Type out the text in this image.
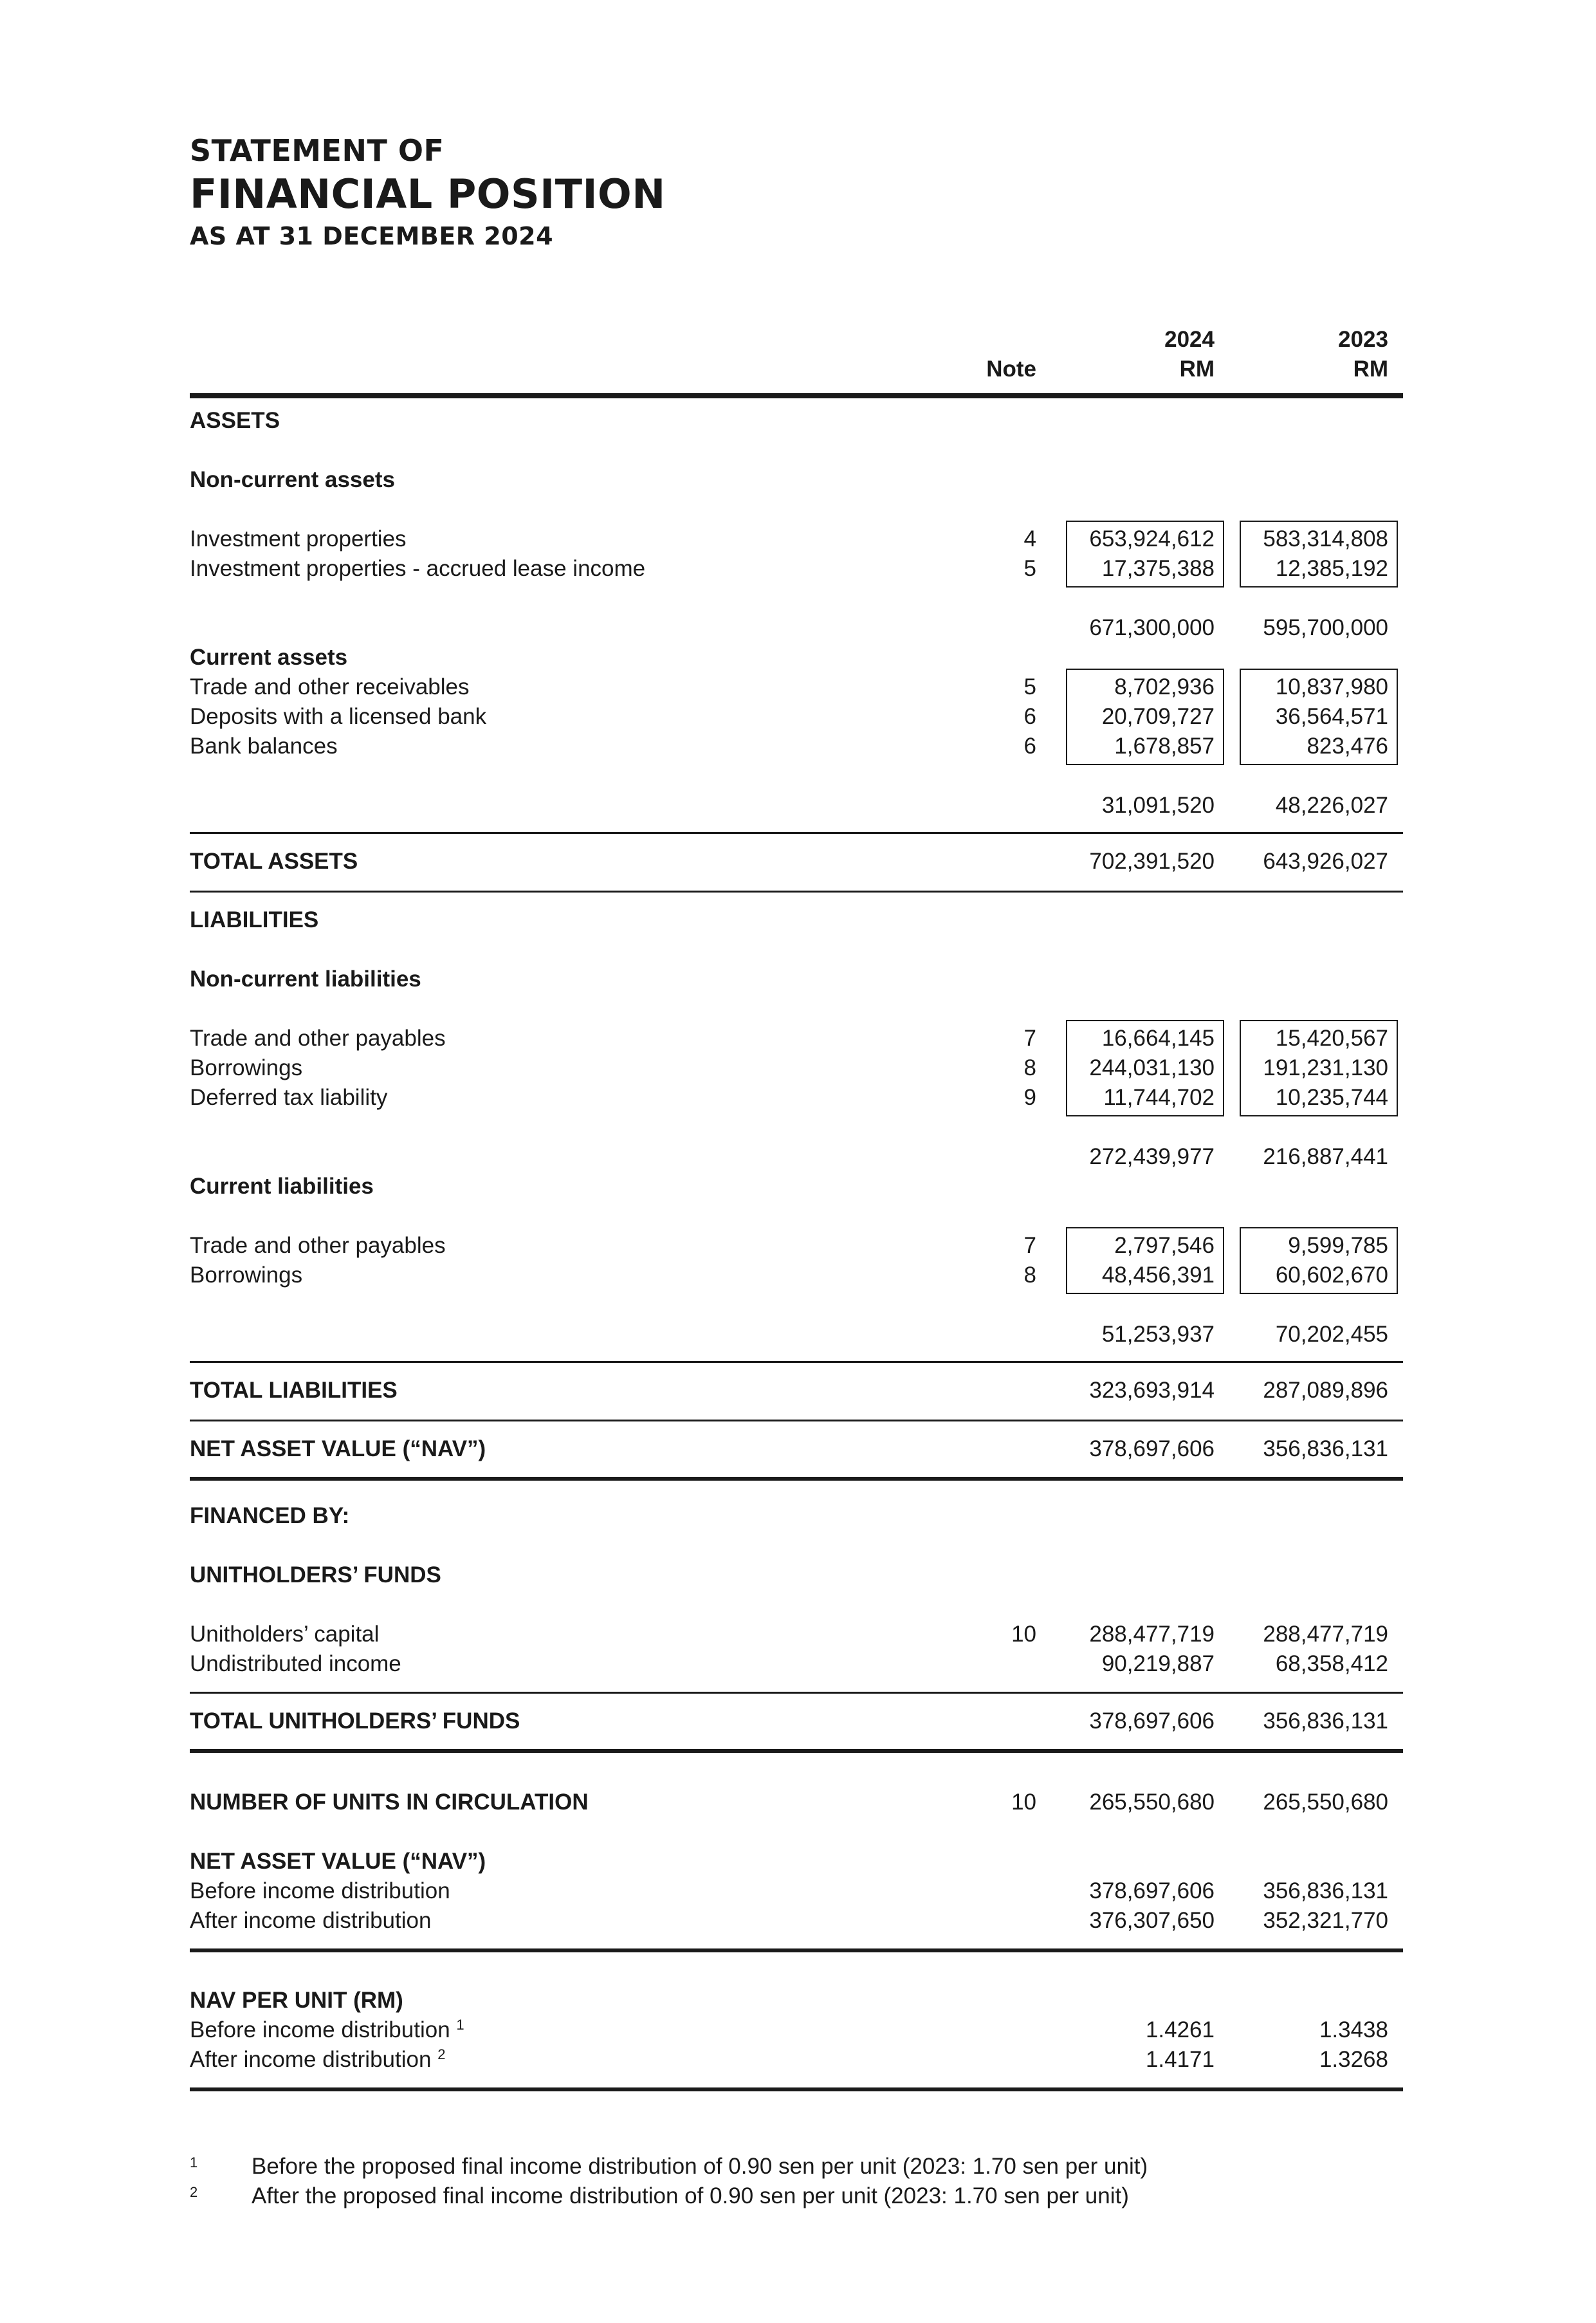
STATEMENT OF
FINANCIAL POSITION
AS AT 31 DECEMBER 2024
2024	2023
Note	RM	RM
ASSETS
Non-current assets
Investment properties	4 653,924,612 583,314,808
Investment properties - accrued lease income	5	17,375,388	12,385,192
671,300,000 595,700,000
Current assets
Trade and other receivables	5	8,702,936	10,837,980
Deposits with a licensed bank	6	20,709,727	36,564,571
Bank balances	6	1,678,857	823,476
31,091,520	48,226,027
TOTAL ASSETS	702,391,520 643,926,027
LIABILITIES
Non-current liabilities
Trade and other payables	7	16,664,145	15,420,567
Borrowings	8 244,031,130 191,231,130
Deferred tax liability	9	11,744,702	10,235,744
272,439,977 216,887,441
Current liabilities
Trade and other payables	7	2,797,546	9,599,785
Borrowings	8	48,456,391	60,602,670
51,253,937	70,202,455
TOTAL LIABILITIES	323,693,914 287,089,896
NET ASSET VALUE (“NAV”)	378,697,606 356,836,131
FINANCED BY:
UNITHOLDERS’ FUNDS
Unitholders’ capital	10 288,477,719 288,477,719
Undistributed income	90,219,887	68,358,412
TOTAL UNITHOLDERS’ FUNDS	378,697,606 356,836,131
NUMBER OF UNITS IN CIRCULATION	10 265,550,680 265,550,680
NET ASSET VALUE (“NAV”)
Before income distribution	378,697,606 356,836,131
After income distribution	376,307,650 352,321,770
NAV PER UNIT (RM)
Before income distribution $^1$	1.4261	1.3438
After income distribution $^2$	1.4171	1.3268
1 Before the proposed final income distribution of 0.90 sen per unit (2023: 1.70 sen per unit)
2 After the proposed final income distribution of 0.90 sen per unit (2023: 1.70 sen per unit)
